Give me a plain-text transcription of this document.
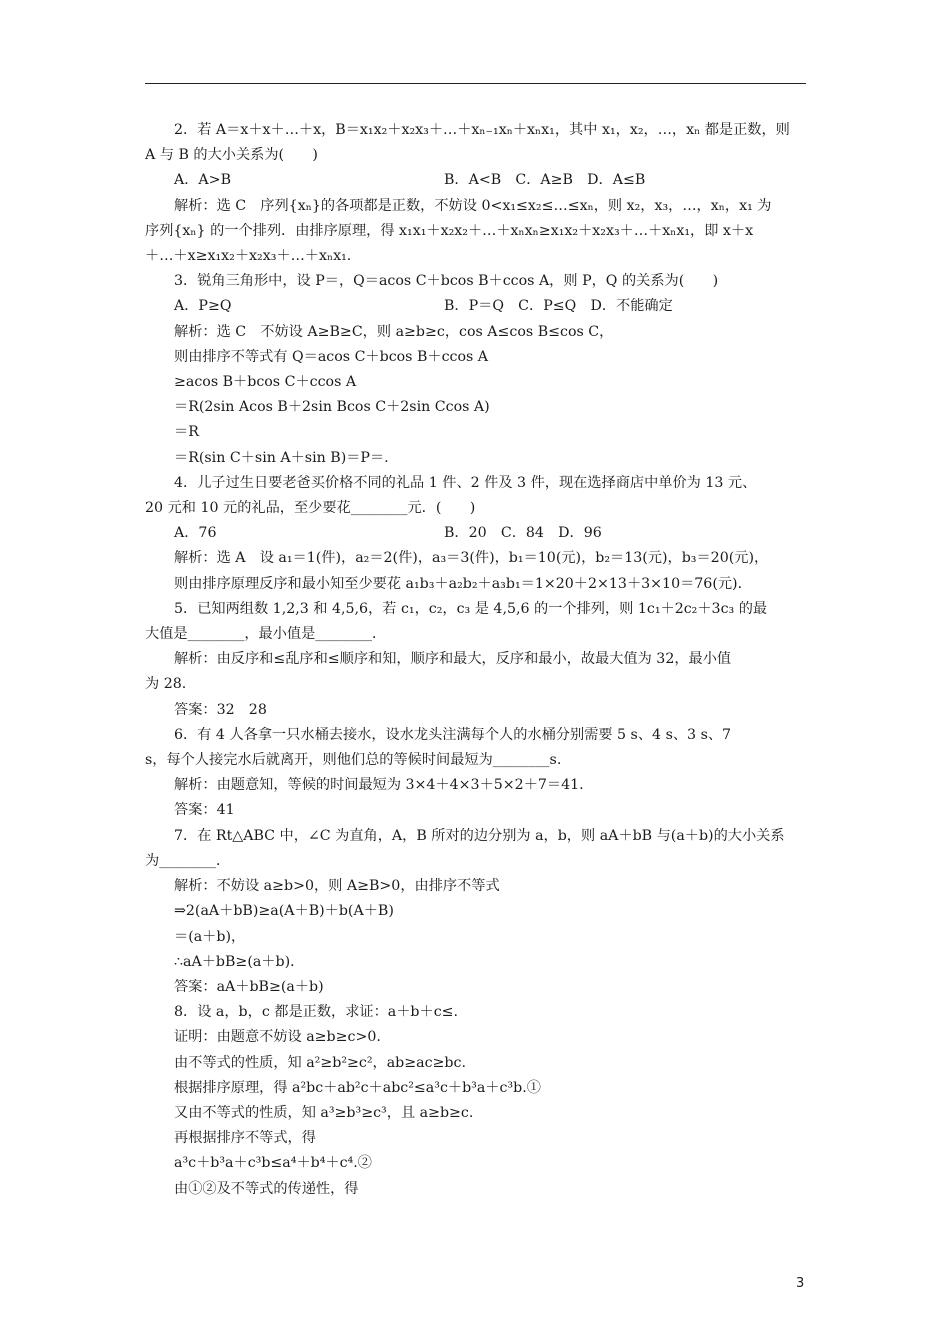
2．若 A＝x＋x＋…＋x，B＝x₁x₂＋x₂x₃＋…＋xₙ₋₁xₙ＋xₙx₁，其中 x₁，x₂，…，xₙ 都是正数，则
A 与 B 的大小关系为(　　)
A．A>B	B．A<B　C．A≥B　D．A≤B
解析：选 C　序列{xₙ}的各项都是正数，不妨设 0<x₁≤x₂≤…≤xₙ，则 x₂，x₃，…，xₙ，x₁ 为
序列{xₙ} 的一个排列．由排序原理，得 x₁x₁＋x₂x₂＋…＋xₙxₙ≥x₁x₂＋x₂x₃＋…＋xₙx₁，即 x＋x
＋…＋x≥x₁x₂＋x₂x₃＋…＋xₙx₁.
3．锐角三角形中，设 P＝，Q＝acos C＋bcos B＋ccos A，则 P，Q 的关系为(　　)
A．P≥Q	B．P＝Q　C．P≤Q　D．不能确定
解析：选 C　不妨设 A≥B≥C，则 a≥b≥c，cos A≤cos B≤cos C，
则由排序不等式有 Q＝acos C＋bcos B＋ccos A
≥acos B＋bcos C＋ccos A
＝R(2sin Acos B＋2sin Bcos C＋2sin Ccos A)
＝R
＝R(sin C＋sin A＋sin B)＝P＝.
4．儿子过生日要老爸买价格不同的礼品 1 件、2 件及 3 件，现在选择商店中单价为 13 元、
20 元和 10 元的礼品，至少要花________元．(　　)
A．76	B．20　C．84　D．96
解析：选 A　设 a₁＝1(件)，a₂＝2(件)，a₃＝3(件)，b₁＝10(元)，b₂＝13(元)，b₃＝20(元)，
则由排序原理反序和最小知至少要花 a₁b₃＋a₂b₂＋a₃b₁＝1×20＋2×13＋3×10＝76(元)．
5．已知两组数 1,2,3 和 4,5,6，若 c₁，c₂，c₃ 是 4,5,6 的一个排列，则 1c₁＋2c₂＋3c₃ 的最
大值是________，最小值是________．
解析：由反序和≤乱序和≤顺序和知，顺序和最大，反序和最小，故最大值为 32，最小值
为 28.
答案：32　28
6．有 4 人各拿一只水桶去接水，设水龙头注满每个人的水桶分别需要 5 s、4 s、3 s、7
s，每个人接完水后就离开，则他们总的等候时间最短为________s.
解析：由题意知，等候的时间最短为 3×4＋4×3＋5×2＋7＝41.
答案：41
7．在 Rt△ABC 中，∠C 为直角，A，B 所对的边分别为 a，b，则 aA＋bB 与(a＋b)的大小关系
为________．
解析：不妨设 a≥b>0，则 A≥B>0，由排序不等式
⇒2(aA＋bB)≥a(A＋B)＋b(A＋B)
＝(a＋b)，
∴aA＋bB≥(a＋b)．
答案：aA＋bB≥(a＋b)
8．设 a，b，c 都是正数，求证：a＋b＋c≤.
证明：由题意不妨设 a≥b≥c>0.
由不等式的性质，知 a²≥b²≥c²，ab≥ac≥bc.
根据排序原理，得 a²bc＋ab²c＋abc²≤a³c＋b³a＋c³b.①
又由不等式的性质，知 a³≥b³≥c³，且 a≥b≥c.
再根据排序不等式，得
a³c＋b³a＋c³b≤a⁴＋b⁴＋c⁴.②
由①②及不等式的传递性，得
3
